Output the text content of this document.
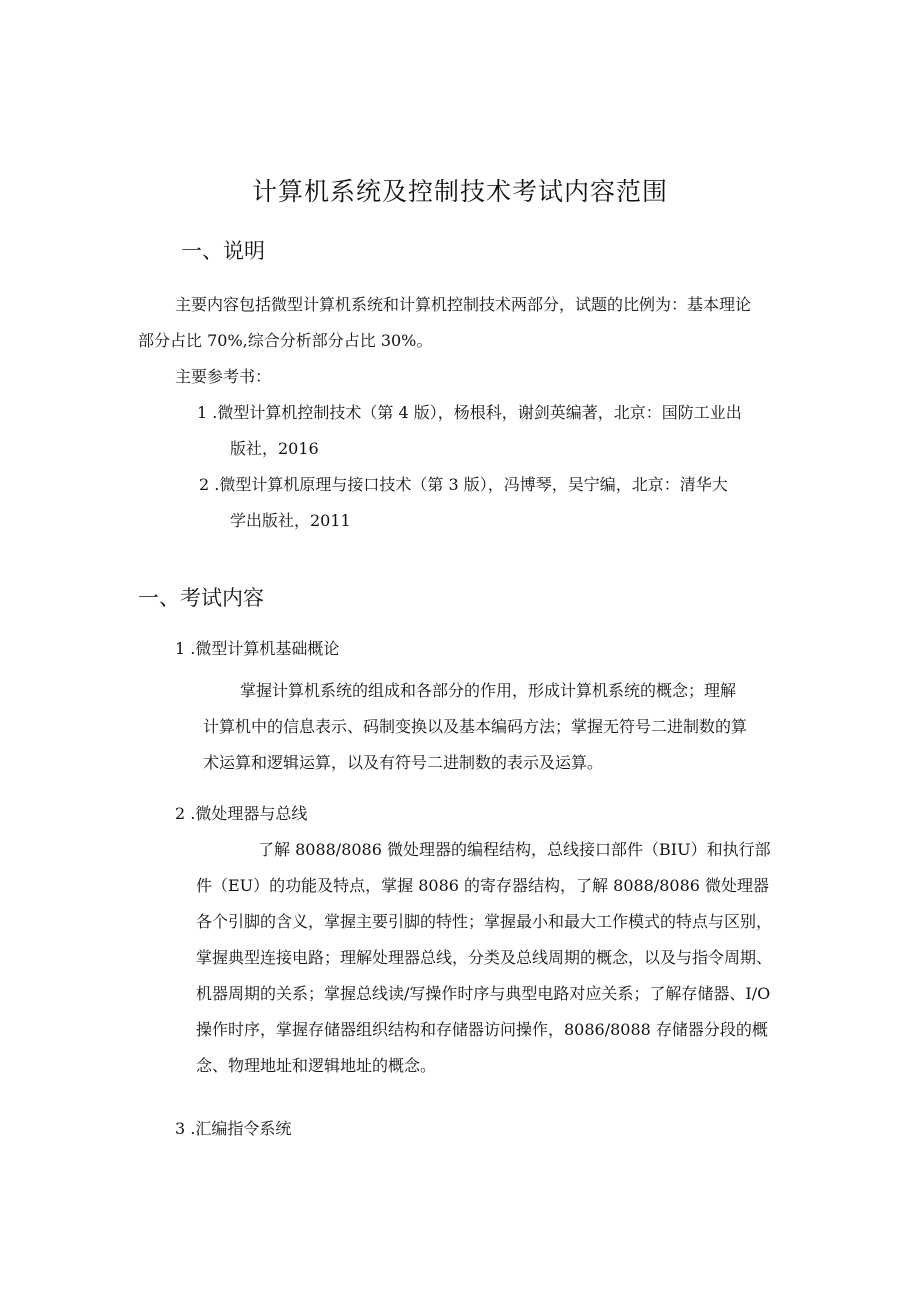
计算机系统及控制技术考试内容范围
一、说明

主要内容包括微型计算机系统和计算机控制技术两部分，试题的比例为：基本理论

部分占比 70%,综合分析部分占比 30%。

主要参考书：

1 .微型计算机控制技术（第 4 版），杨根科，谢剑英编著，北京：国防工业出

版社，2016

2 .微型计算机原理与接口技术（第 3 版），冯博琴，吴宁编，北京：清华大

学出版社，2011

一、考试内容

1 .微型计算机基础概论

掌握计算机系统的组成和各部分的作用，形成计算机系统的概念；理解

计算机中的信息表示、码制变换以及基本编码方法；掌握无符号二进制数的算

术运算和逻辑运算，以及有符号二进制数的表示及运算。

2 .微处理器与总线

了解 8088/8086 微处理器的编程结构，总线接口部件（BIU）和执行部

件（EU）的功能及特点，掌握 8086 的寄存器结构，了解 8088/8086 微处理器

各个引脚的含义，掌握主要引脚的特性；掌握最小和最大工作模式的特点与区别，

掌握典型连接电路；理解处理器总线，分类及总线周期的概念，以及与指令周期、

机器周期的关系；掌握总线读/写操作时序与典型电路对应关系；了解存储器、I/O

操作时序，掌握存储器组织结构和存储器访问操作，8086/8088 存储器分段的概

念、物理地址和逻辑地址的概念。

3 .汇编指令系统
